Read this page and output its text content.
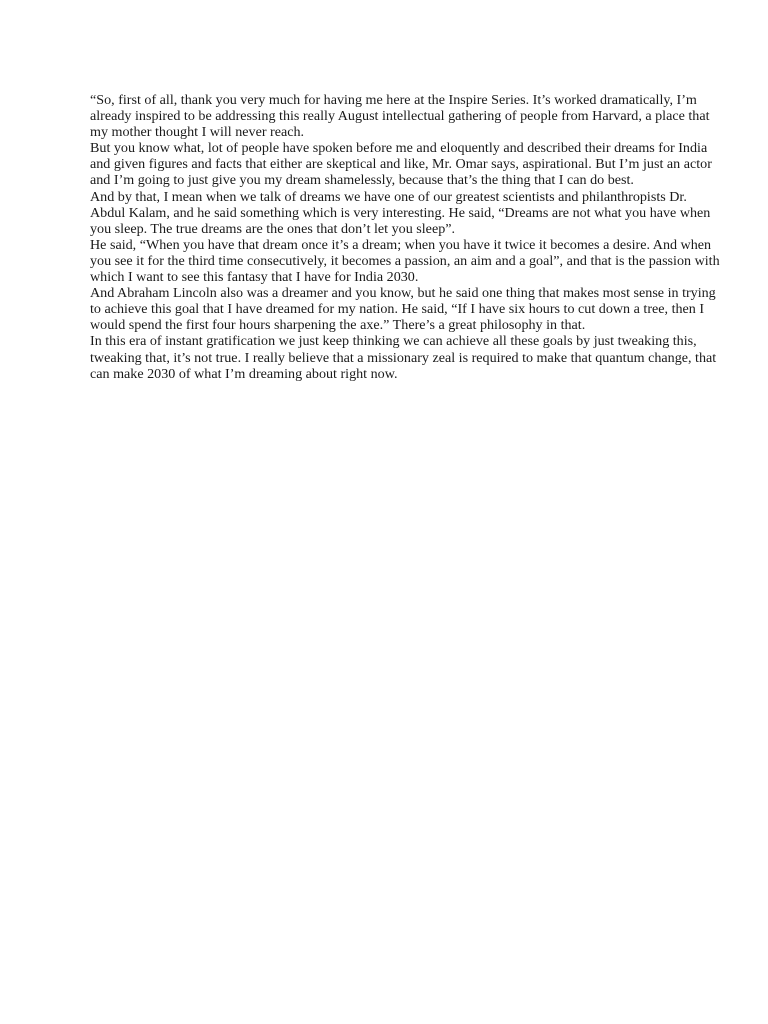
“So, first of all, thank you very much for having me here at the Inspire Series. It’s worked dramatically, I’m already inspired to be addressing this really August intellectual gathering of people from Harvard, a place that my mother thought I will never reach.

But you know what, lot of people have spoken before me and eloquently and described their dreams for India and given figures and facts that either are skeptical and like, Mr. Omar says, aspirational. But I’m just an actor and I’m going to just give you my dream shamelessly, because that’s the thing that I can do best.

And by that, I mean when we talk of dreams we have one of our greatest scientists and philanthropists Dr. Abdul Kalam, and he said something which is very interesting. He said, “Dreams are not what you have when you sleep. The true dreams are the ones that don’t let you sleep”.

He said, “When you have that dream once it’s a dream; when you have it twice it becomes a desire. And when you see it for the third time consecutively, it becomes a passion, an aim and a goal”, and that is the passion with which I want to see this fantasy that I have for India 2030.

And Abraham Lincoln also was a dreamer and you know, but he said one thing that makes most sense in trying to achieve this goal that I have dreamed for my nation. He said, “If I have six hours to cut down a tree, then I would spend the first four hours sharpening the axe.” There’s a great philosophy in that.

In this era of instant gratification we just keep thinking we can achieve all these goals by just tweaking this, tweaking that, it’s not true. I really believe that a missionary zeal is required to make that quantum change, that can make 2030 of what I’m dreaming about right now.
